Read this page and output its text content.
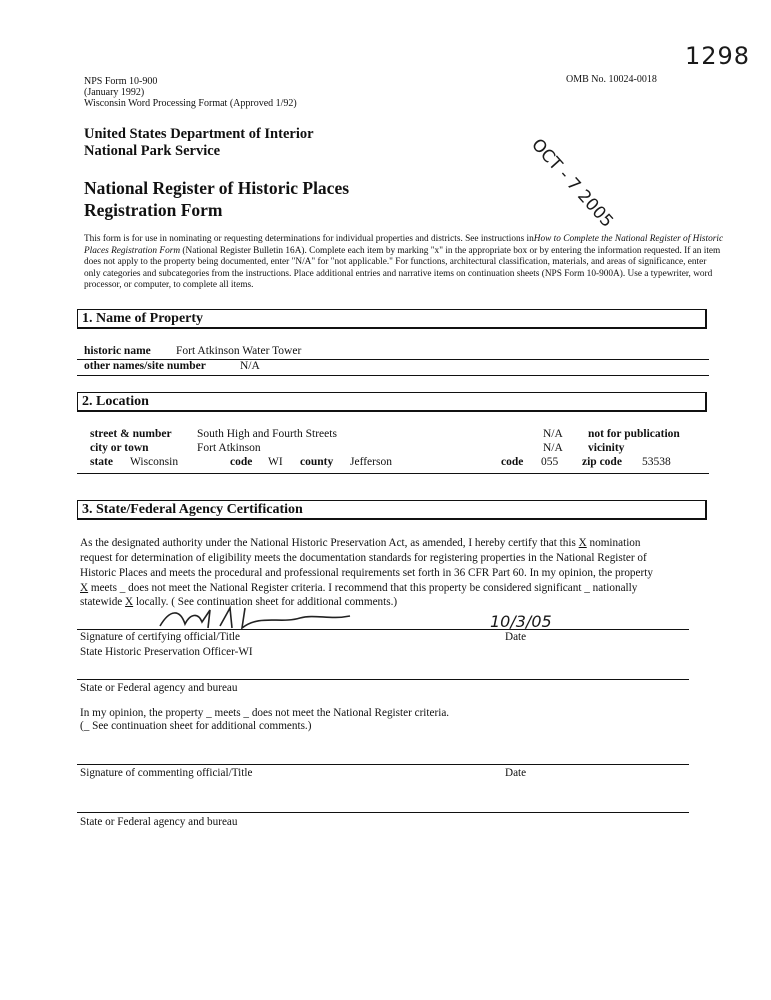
NPS Form 10-900
(January 1992)
Wisconsin Word Processing Format (Approved 1/92)
OMB No. 10024-0018
1298
OCT - 7 2005
United States Department of Interior
National Park Service
National Register of Historic Places
Registration Form
This form is for use in nominating or requesting determinations for individual properties and districts. See instructions inHow to Complete the National Register of Historic Places Registration Form (National Register Bulletin 16A). Complete each item by marking "x" in the appropriate box or by entering the information requested. If an item does not apply to the property being documented, enter "N/A" for "not applicable." For functions, architectural classification, materials, and areas of significance, enter only categories and subcategories from the instructions. Place additional entries and narrative items on continuation sheets (NPS Form 10-900A). Use a typewriter, word processor, or computer, to complete all items.
1. Name of Property
historic name Fort Atkinson Water Tower
other names/site number	N/A
2. Location
street & number South High and Fourth Streets	N/A not for publication
city or town	Fort Atkinson	N/A vicinity
state Wisconsin	code WI county Jefferson	code 055 zip code 53538
3. State/Federal Agency Certification
As the designated authority under the National Historic Preservation Act, as amended, I hereby certify that this X nomination
request for determination of eligibility meets the documentation standards for registering properties in the National Register of
Historic Places and meets the procedural and professional requirements set forth in 36 CFR Part 60. In my opinion, the property
X meets _ does not meet the National Register criteria. I recommend that this property be considered significant _ nationally
statewide X locally. ( See continuation sheet for additional comments.)
10/3/05
Signature of certifying official/Title	Date
State Historic Preservation Officer-WI
State or Federal agency and bureau
In my opinion, the property _ meets _ does not meet the National Register criteria.
(_ See continuation sheet for additional comments.)
Signature of commenting official/Title	Date
State or Federal agency and bureau
